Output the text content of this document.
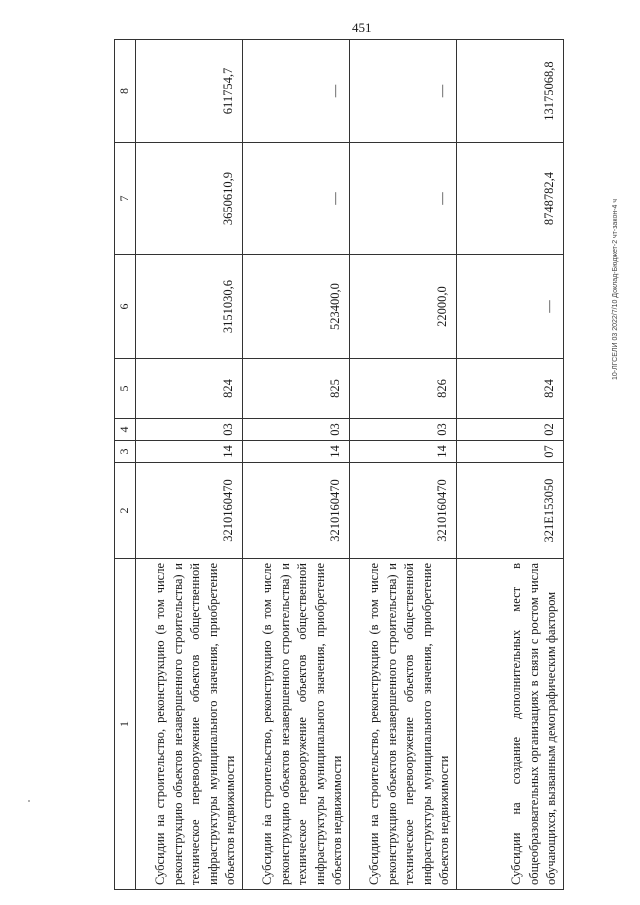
451
10-ЛГСЕЛИ 03 2022/7/10 Доклад-Бюджет-2 чт-закон-4 ч
1	2	3	4	5	6	7	8
Субсидии на строительство, реконструкцию (в том числе реконструкцию объектов незавершенного строительства) и техническое перевооружение объектов общественной инфраструктуры муниципального значения, приобретение объектов недвижимости	3210160470	14	03	824	3151030,6	3650610,9	611754,7
Субсидии на строительство, реконструкцию (в том числе реконструкцию объектов незавершенного строительства) и техническое перевооружение объектов общественной инфраструктуры муниципального значения, приобретение объектов недвижимости	3210160470	14	03	825	523400,0	—	—
Субсидии на строительство, реконструкцию (в том числе реконструкцию объектов незавершенного строительства) и техническое перевооружение объектов общественной инфраструктуры муниципального значения, приобретение объектов недвижимости	3210160470	14	03	826	22000,0	—	—
Субсидии на создание дополнительных мест в общеобразовательных организациях в связи с ростом числа обучающихся, вызванным демографическим фактором	321E153050	07	02	824	—	8748782,4	13175068,8
